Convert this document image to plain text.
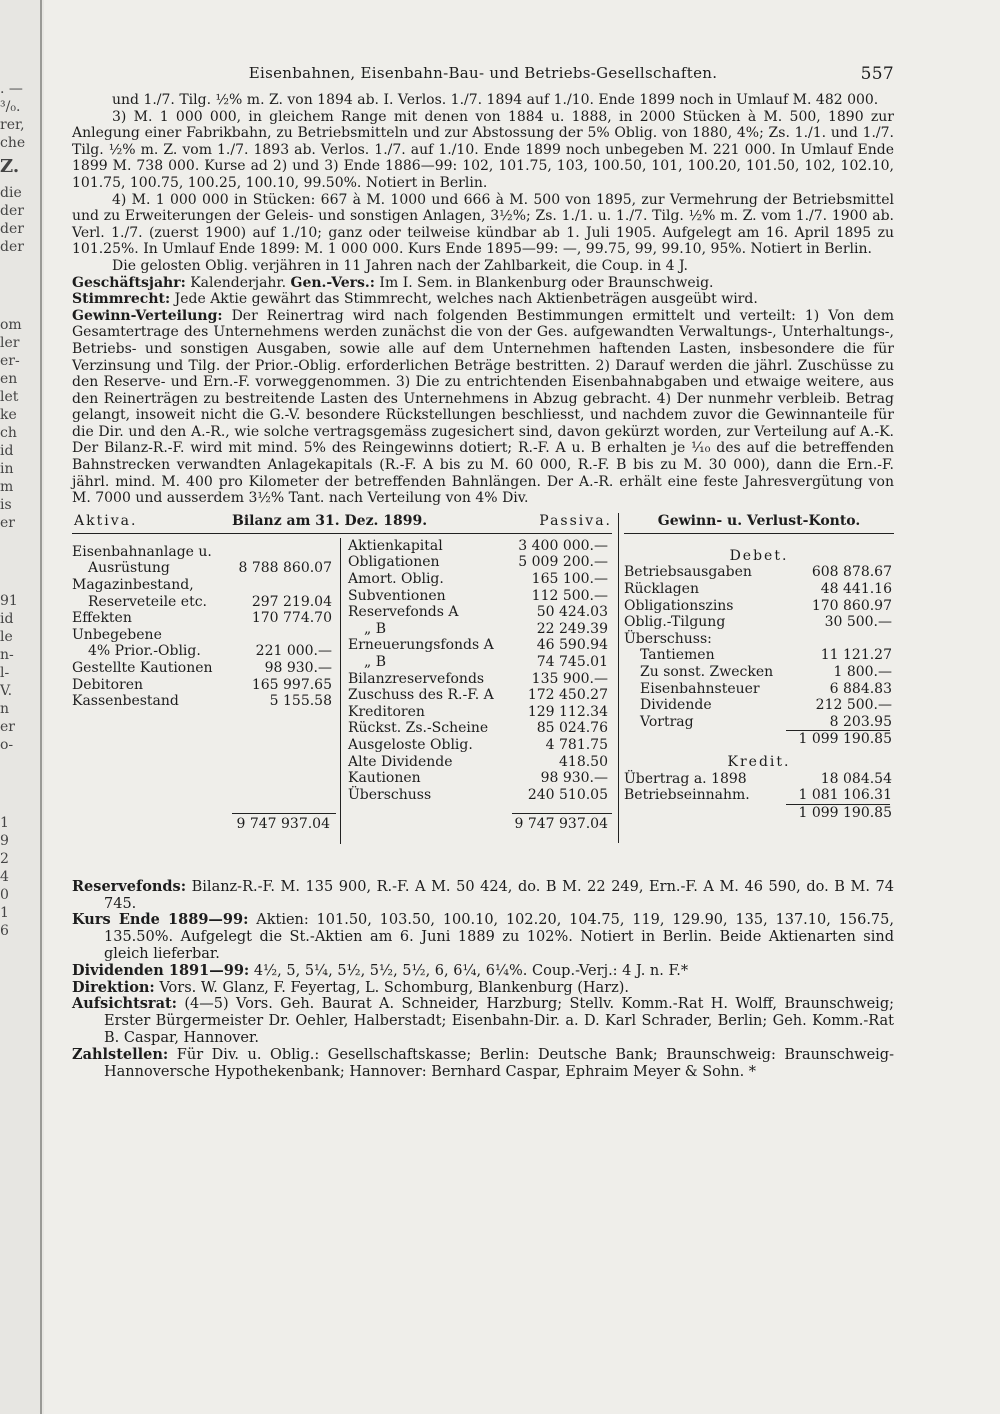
. —
³/₀.
rer,
che
Z.
die
der
der
der
om
ler
er-
en
let
ke
ch
id
in
m
is
er
91
id
le
n-
l-
V.
n
er
o-
1
9
2
4
0
1
6
Eisenbahnen, Eisenbahn-Bau- und Betriebs-Gesellschaften.	557

und 1./7. Tilg. ½% m. Z. von 1894 ab. I. Verlos. 1./7. 1894 auf 1./10. Ende 1899 noch in Umlauf M. 482 000.

3) M. 1 000 000, in gleichem Range mit denen von 1884 u. 1888, in 2000 Stücken à M. 500, 1890 zur Anlegung einer Fabrikbahn, zu Betriebsmitteln und zur Abstossung der 5% Oblig. von 1880, 4%; Zs. 1./1. und 1./7. Tilg. ½% m. Z. vom 1./7. 1893 ab. Verlos. 1./7. auf 1./10. Ende 1899 noch unbegeben M. 221 000. In Umlauf Ende 1899 M. 738 000. Kurse ad 2) und 3) Ende 1886—99: 102, 101.75, 103, 100.50, 101, 100.20, 101.50, 102, 102.10, 101.75, 100.75, 100.25, 100.10, 99.50%. Notiert in Berlin.

4) M. 1 000 000 in Stücken: 667 à M. 1000 und 666 à M. 500 von 1895, zur Vermehrung der Betriebsmittel und zu Erweiterungen der Geleis- und sonstigen Anlagen, 3½%; Zs. 1./1. u. 1./7. Tilg. ½% m. Z. vom 1./7. 1900 ab. Verl. 1./7. (zuerst 1900) auf 1./10; ganz oder teilweise kündbar ab 1. Juli 1905. Aufgelegt am 16. April 1895 zu 101.25%. In Umlauf Ende 1899: M. 1 000 000. Kurs Ende 1895—99: —, 99.75, 99, 99.10, 95%. Notiert in Berlin.

Die gelosten Oblig. verjähren in 11 Jahren nach der Zahlbarkeit, die Coup. in 4 J.

Geschäftsjahr: Kalenderjahr. Gen.-Vers.: Im I. Sem. in Blankenburg oder Braunschweig.

Stimmrecht: Jede Aktie gewährt das Stimmrecht, welches nach Aktienbeträgen ausgeübt wird.

Gewinn-Verteilung: Der Reinertrag wird nach folgenden Bestimmungen ermittelt und verteilt: 1) Von dem Gesamtertrage des Unternehmens werden zunächst die von der Ges. aufgewandten Verwaltungs-, Unterhaltungs-, Betriebs- und sonstigen Ausgaben, sowie alle auf dem Unternehmen haftenden Lasten, insbesondere die für Verzinsung und Tilg. der Prior.-Oblig. erforderlichen Beträge bestritten. 2) Darauf werden die jährl. Zuschüsse zu den Reserve- und Ern.-F. vorweggenommen. 3) Die zu entrichtenden Eisenbahnabgaben und etwaige weitere, aus den Reinerträgen zu bestreitende Lasten des Unternehmens in Abzug gebracht. 4) Der nunmehr verbleib. Betrag gelangt, insoweit nicht die G.-V. besondere Rückstellungen beschliesst, und nachdem zuvor die Gewinnanteile für die Dir. und den A.-R., wie solche vertragsgemäss zugesichert sind, davon gekürzt worden, zur Verteilung auf A.-K. Der Bilanz-R.-F. wird mit mind. 5% des Reingewinns dotiert; R.-F. A u. B erhalten je ¹⁄₁₀ des auf die betreffenden Bahnstrecken verwandten Anlagekapitals (R.-F. A bis zu M. 60 000, R.-F. B bis zu M. 30 000), dann die Ern.-F. jährl. mind. M. 400 pro Kilometer der betreffenden Bahnlängen. Der A.-R. erhält eine feste Jahresvergütung von M. 7000 und ausserdem 3½% Tant. nach Verteilung von 4% Div.

Aktiva.	Bilanz am 31. Dez. 1899.	Passiva.
Eisenbahnanlage u.
Ausrüstung	8 788 860.07
Magazinbestand,
Reserveteile etc.	297 219.04
Effekten	170 774.70
Unbegebene
4% Prior.-Oblig.	221 000.—
Gestellte Kautionen	98 930.—
Debitoren	165 997.65
Kassenbestand	5 155.58
Aktienkapital	3 400 000.—
Obligationen	5 009 200.—
Amort. Oblig.	165 100.—
Subventionen	112 500.—
Reservefonds A	50 424.03
„ B	22 249.39
Erneuerungsfonds A	46 590.94
„ B	74 745.01
Bilanzreservefonds	135 900.—
Zuschuss des R.-F. A 172 450.27
Kreditoren	129 112.34
Rückst. Zs.-Scheine	85 024.76
Ausgeloste Oblig.	4 781.75
Alte Dividende	418.50
Kautionen	98 930.—
Überschuss	240 510.05
9 747 937.04	9 747 937.04
Gewinn- u. Verlust-Konto.
Debet.
Betriebsausgaben	608 878.67
Rücklagen	48 441.16
Obligationszins	170 860.97
Oblig.-Tilgung	30 500.—
Überschuss:
Tantiemen	11 121.27
Zu sonst. Zwecken	1 800.—
Eisenbahnsteuer	6 884.83
Dividende	212 500.—
Vortrag	8 203.95
1 099 190.85
Kredit.
Übertrag a. 1898	18 084.54
Betriebseinnahm.	1 081 106.31
1 099 190.85

Reservefonds: Bilanz-R.-F. M. 135 900, R.-F. A M. 50 424, do. B M. 22 249, Ern.-F. A M. 46 590, do. B M. 74 745.

Kurs Ende 1889—99: Aktien: 101.50, 103.50, 100.10, 102.20, 104.75, 119, 129.90, 135, 137.10, 156.75, 135.50%. Aufgelegt die St.-Aktien am 6. Juni 1889 zu 102%. Notiert in Berlin. Beide Aktienarten sind gleich lieferbar.

Dividenden 1891—99: 4½, 5, 5¼, 5½, 5½, 5½, 6, 6¼, 6¼%. Coup.-Verj.: 4 J. n. F.*

Direktion: Vors. W. Glanz, F. Feyertag, L. Schomburg, Blankenburg (Harz).

Aufsichtsrat: (4—5) Vors. Geh. Baurat A. Schneider, Harzburg; Stellv. Komm.-Rat H. Wolff, Braunschweig; Erster Bürgermeister Dr. Oehler, Halberstadt; Eisenbahn-Dir. a. D. Karl Schrader, Berlin; Geh. Komm.-Rat B. Caspar, Hannover.

Zahlstellen: Für Div. u. Oblig.: Gesellschaftskasse; Berlin: Deutsche Bank; Braunschweig: Braunschweig-Hannoversche Hypothekenbank; Hannover: Bernhard Caspar, Ephraim Meyer & Sohn. *
